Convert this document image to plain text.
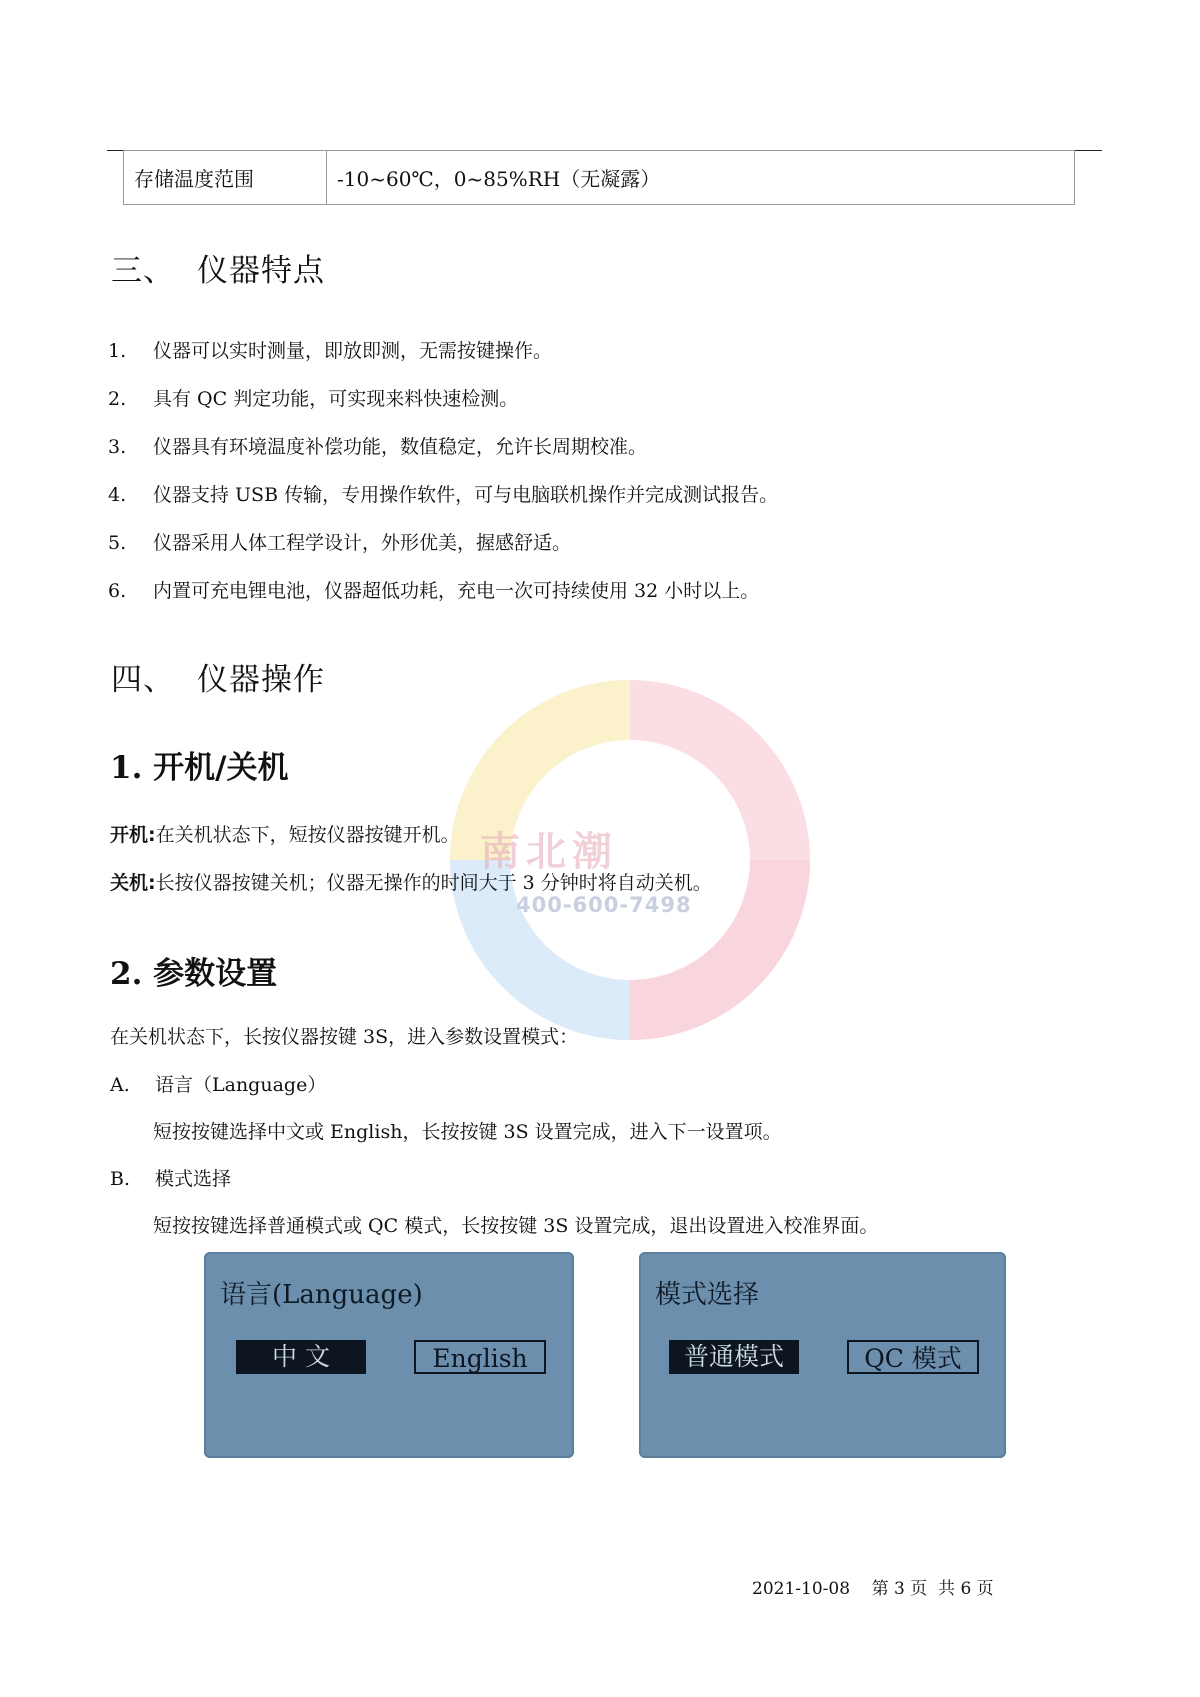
存储温度范围	-10~60℃，0~85%RH（无凝露）
南北潮
400-600-7498
三、 仪器特点
1. 仪器可以实时测量，即放即测，无需按键操作。
2. 具有 QC 判定功能，可实现来料快速检测。
3. 仪器具有环境温度补偿功能，数值稳定，允许长周期校准。
4. 仪器支持 USB 传输，专用操作软件，可与电脑联机操作并完成测试报告。
5. 仪器采用人体工程学设计，外形优美，握感舒适。
6. 内置可充电锂电池，仪器超低功耗，充电一次可持续使用 32 小时以上。
四、 仪器操作
1. 开机/关机
开机:在关机状态下，短按仪器按键开机。
关机:长按仪器按键关机；仪器无操作的时间大于 3 分钟时将自动关机。
2. 参数设置
在关机状态下，长按仪器按键 3S，进入参数设置模式：
A. 语言（Language）
短按按键选择中文或 English，长按按键 3S 设置完成，进入下一设置项。
B. 模式选择
短按按键选择普通模式或 QC 模式，长按按键 3S 设置完成，退出设置进入校准界面。
语言(Language)
中 文	English
模式选择
普通模式	QC 模式
2021-10-08    第 3 页  共 6 页
